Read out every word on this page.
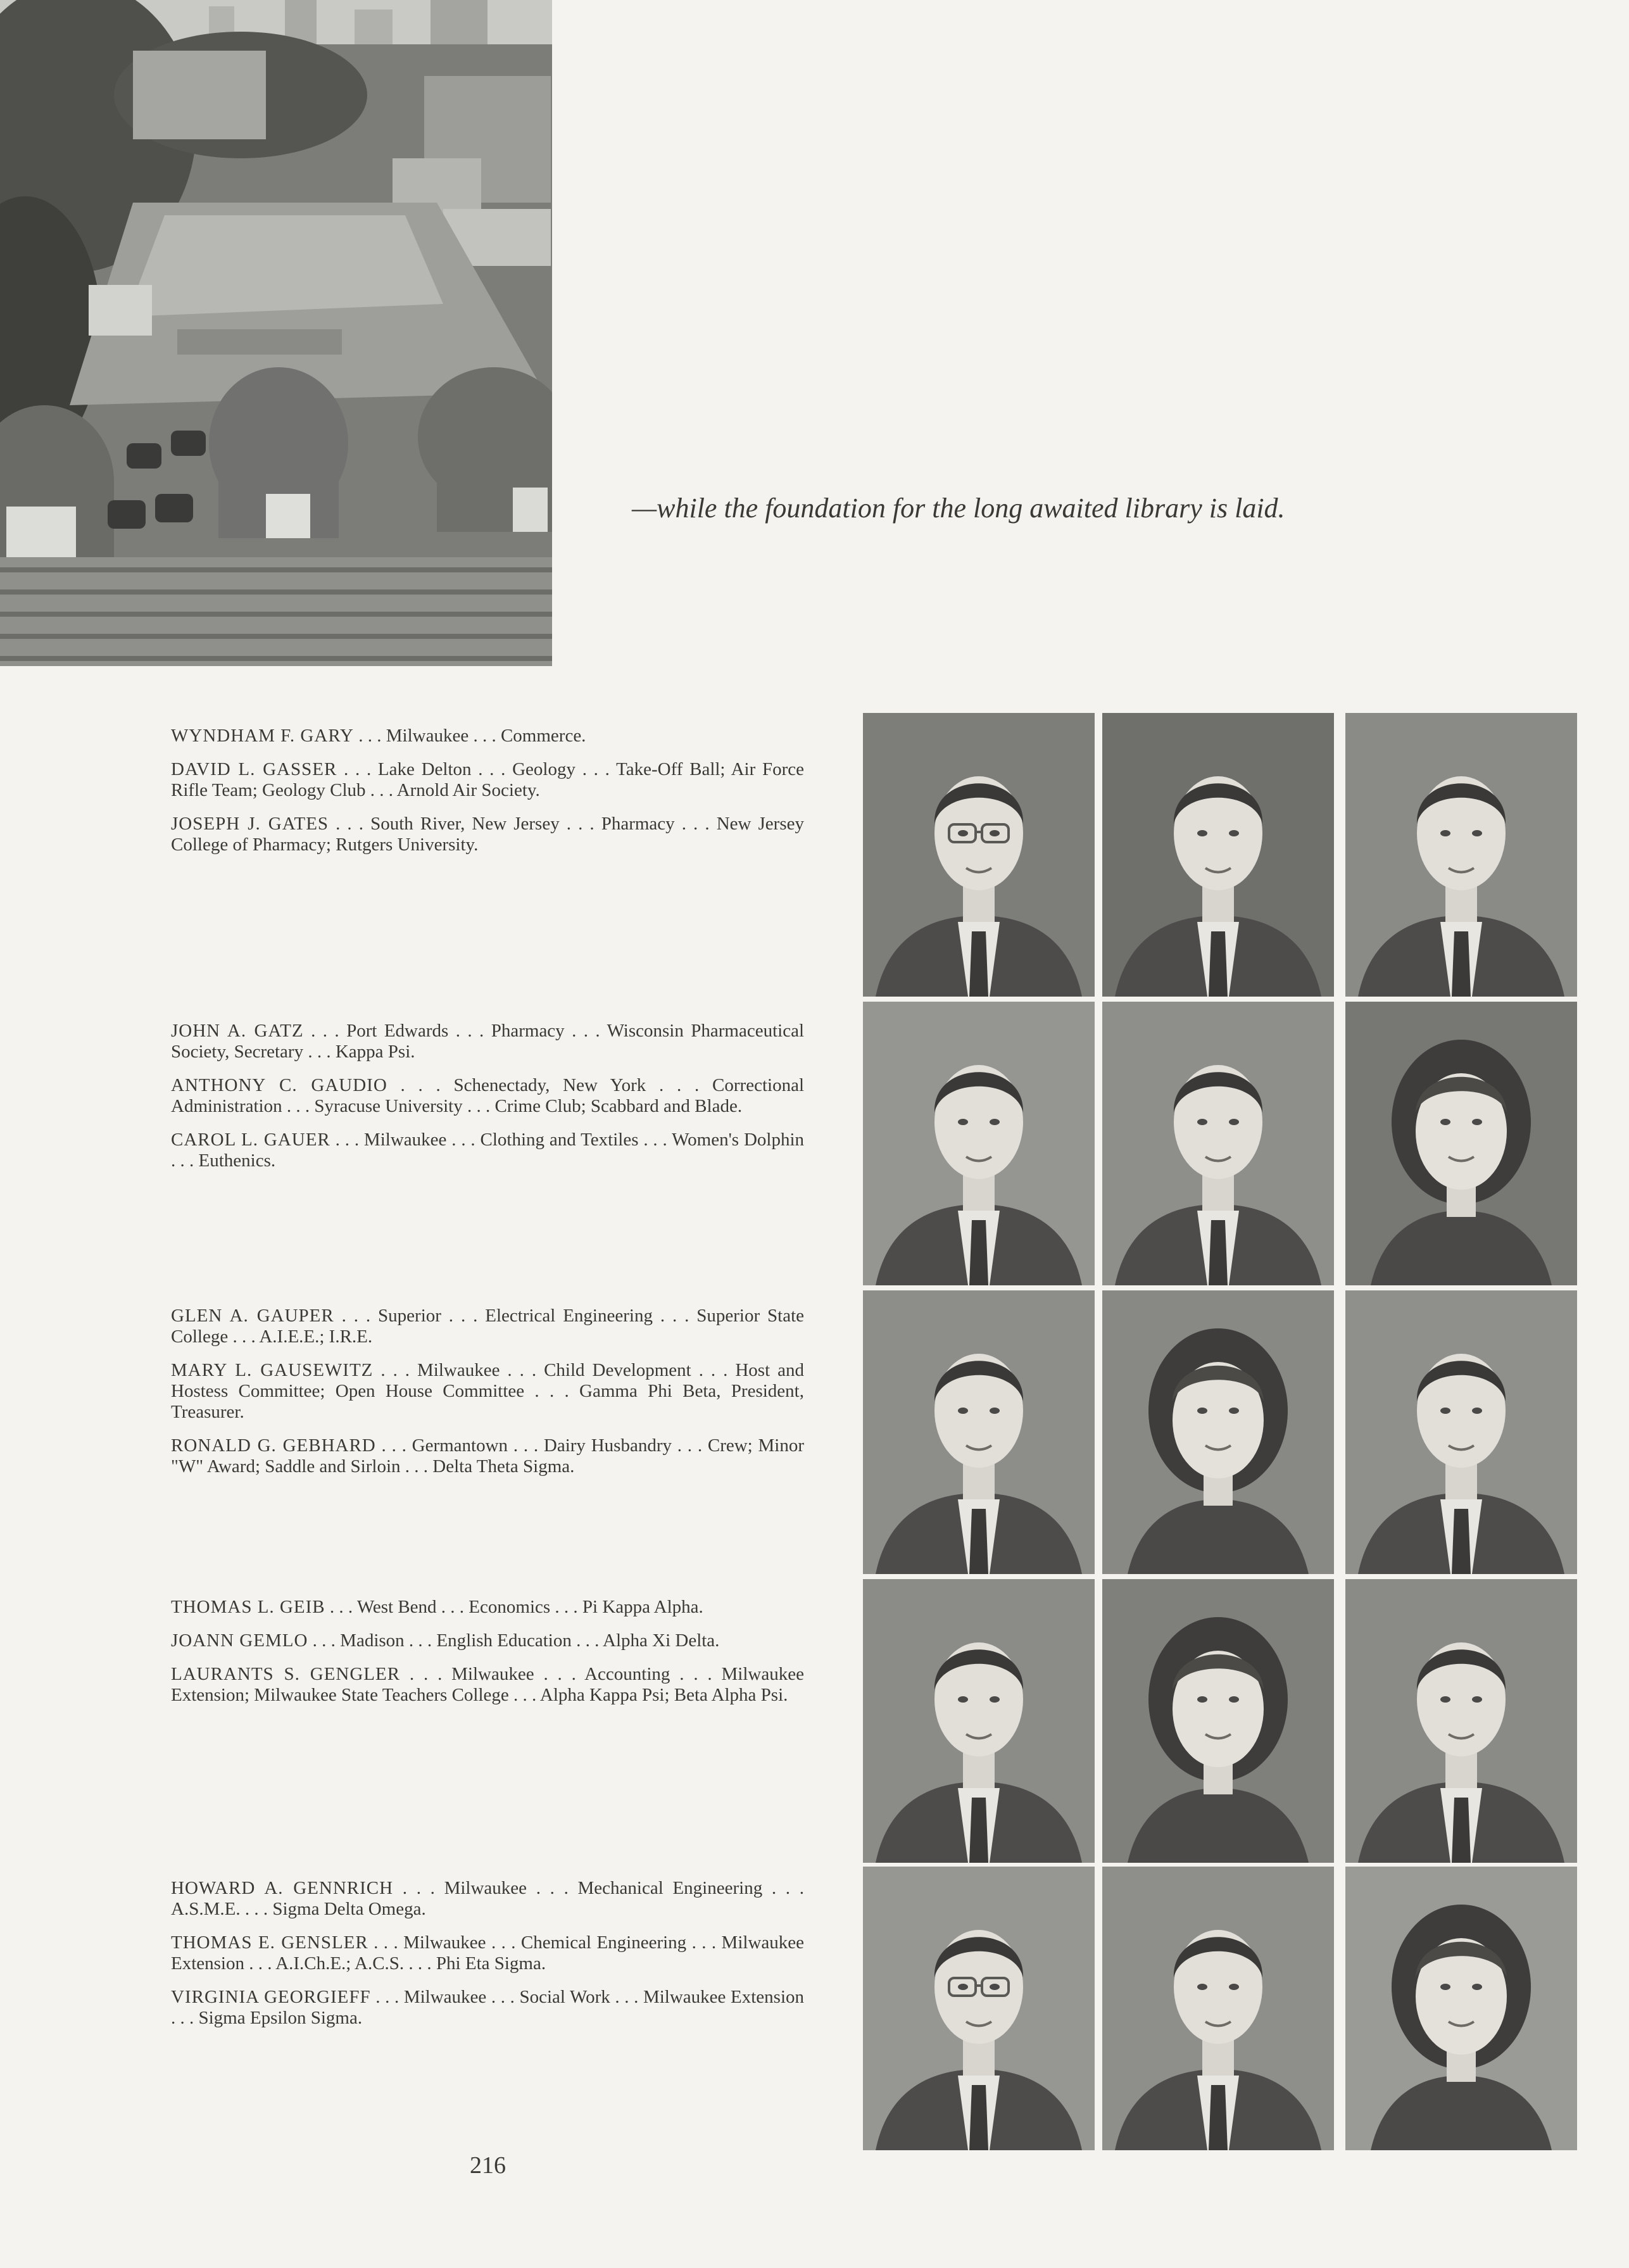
—while the foundation for the long awaited library is laid.

WYNDHAM F. GARY . . . Milwaukee . . . Commerce.

DAVID L. GASSER . . . Lake Delton . . . Geology . . . Take-Off Ball; Air Force Rifle Team; Geology Club . . . Arnold Air Society.

JOSEPH J. GATES . . . South River, New Jersey . . . Pharmacy . . . New Jersey College of Pharmacy; Rutgers University.

JOHN A. GATZ . . . Port Edwards . . . Pharmacy . . . Wisconsin Pharmaceutical Society, Secretary . . . Kappa Psi.

ANTHONY C. GAUDIO . . . Schenectady, New York . . . Correctional Administration . . . Syracuse University . . . Crime Club; Scabbard and Blade.

CAROL L. GAUER . . . Milwaukee . . . Clothing and Textiles . . . Women's Dolphin . . . Euthenics.

GLEN A. GAUPER . . . Superior . . . Electrical Engineering . . . Superior State College . . . A.I.E.E.; I.R.E.

MARY L. GAUSEWITZ . . . Milwaukee . . . Child Development . . . Host and Hostess Committee; Open House Committee . . . Gamma Phi Beta, President, Treasurer.

RONALD G. GEBHARD . . . Germantown . . . Dairy Husbandry . . . Crew; Minor "W" Award; Saddle and Sirloin . . . Delta Theta Sigma.

THOMAS L. GEIB . . . West Bend . . . Economics . . . Pi Kappa Alpha.

JOANN GEMLO . . . Madison . . . English Education . . . Alpha Xi Delta.

LAURANTS S. GENGLER . . . Milwaukee . . . Accounting . . . Milwaukee Extension; Milwaukee State Teachers College . . . Alpha Kappa Psi; Beta Alpha Psi.

HOWARD A. GENNRICH . . . Milwaukee . . . Mechanical Engineering . . . A.S.M.E. . . . Sigma Delta Omega.

THOMAS E. GENSLER . . . Milwaukee . . . Chemical Engineering . . . Milwaukee Extension . . . A.I.Ch.E.; A.C.S. . . . Phi Eta Sigma.

VIRGINIA GEORGIEFF . . . Milwaukee . . . Social Work . . . Milwaukee Extension . . . Sigma Epsilon Sigma.

216
